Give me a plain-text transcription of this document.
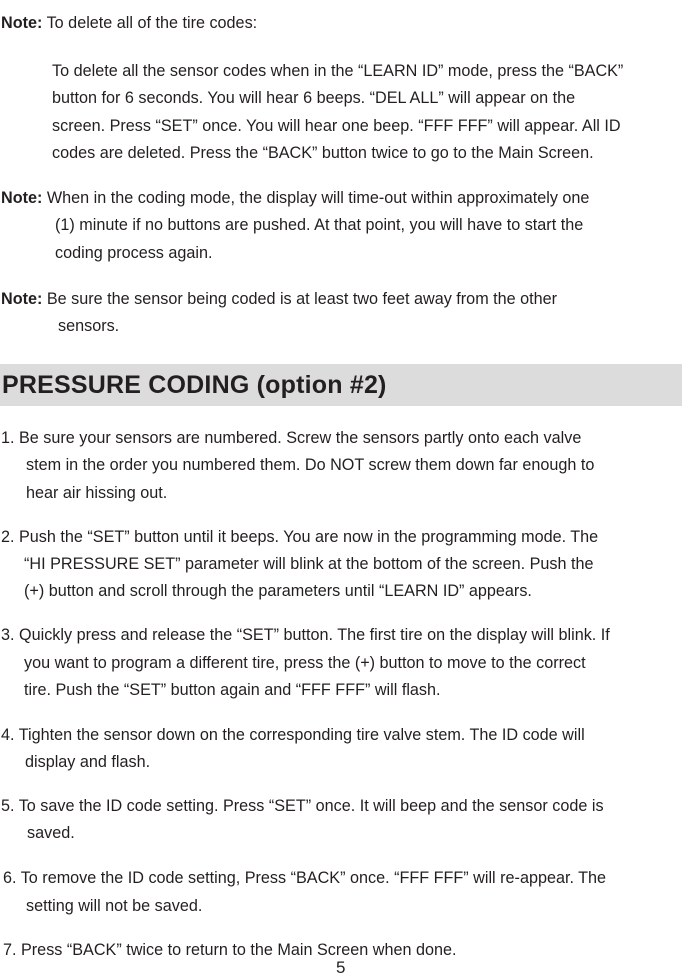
Note: To delete all of the tire codes:
To delete all the sensor codes when in the “LEARN ID” mode, press the “BACK”
button for 6 seconds. You will hear 6 beeps. “DEL ALL” will appear on the
screen. Press “SET” once. You will hear one beep. “FFF FFF” will appear. All ID
codes are deleted. Press the “BACK” button twice to go to the Main Screen.
Note: When in the coding mode, the display will time-out within approximately one
(1) minute if no buttons are pushed. At that point, you will have to start the
coding process again.
Note: Be sure the sensor being coded is at least two feet away from the other
sensors.
PRESSURE CODING (option #2)
1. Be sure your sensors are numbered. Screw the sensors partly onto each valve
stem in the order you numbered them. Do NOT screw them down far enough to
hear air hissing out.
2. Push the “SET” button until it beeps. You are now in the programming mode. The
“HI PRESSURE SET” parameter will blink at the bottom of the screen. Push the
(+) button and scroll through the parameters until “LEARN ID” appears.
3. Quickly press and release the “SET” button. The first tire on the display will blink. If
you want to program a different tire, press the (+) button to move to the correct
tire. Push the “SET” button again and “FFF FFF” will flash.
4. Tighten the sensor down on the corresponding tire valve stem. The ID code will
display and flash.
5. To save the ID code setting. Press “SET” once. It will beep and the sensor code is
saved.
6. To remove the ID code setting, Press “BACK” once. “FFF FFF” will re-appear. The
setting will not be saved.
7. Press “BACK” twice to return to the Main Screen when done.
5
